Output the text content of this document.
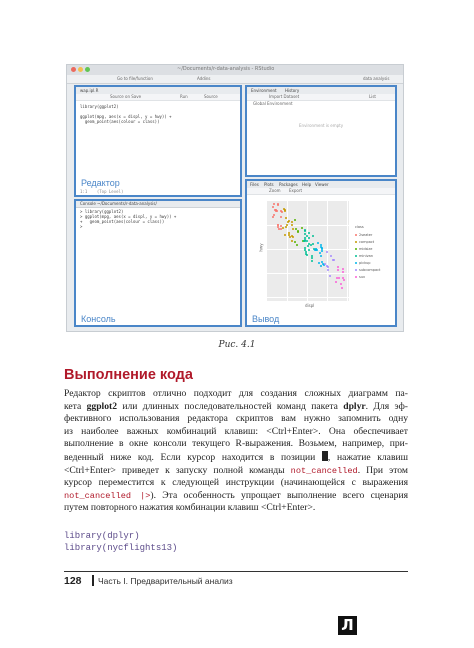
~/Documents/r-data-analysis - RStudio
Go to file/function	Addins	data analysis
wap.ipl.R
Source on Save	Run	Source
library(ggplot2)

ggplot(mpg, aes(x = displ, y = hwy)) +
geom_point(aes(colour = class))
Редактор
1:1    (Top Level)
Environment History
Import Dataset	List
Global Environment
Environment is empty
Console ~/Documents/r-data-analysis/
> library(ggplot2)
> ggplot(mpg, aes(x = displ, y = hwy)) +
+   geom_point(aes(colour = class))
>
Консоль
Files Plots Packages Help Viewer
Zoom Export
displ
hwy
class
2seater
compact
midsize
minivan
pickup
subcompact
suv
Вывод
Рис. 4.1
Выполнение кода
Редактор скриптов отлично подходит для создания сложных диаграмм па-
кета ggplot2 или длинных последовательностей команд пакета dplyr. Для эф-
фективного использования редактора скриптов вам нужно запомнить одну
из наиболее важных комбинаций клавиш: <Ctrl+Enter>. Она обеспечивает
выполнение в окне консоли текущего R-выражения. Возьмем, например, при-
веденный ниже код. Если курсор находится в позиции , нажатие клавиш
<Ctrl+Enter> приведет к запуску полной команды not_cancelled. При этом
курсор переместится к следующей инструкции (начинающейся с выражения
not_cancelled |>). Эта особенность упрощает выполнение всего сценария
путем повторного нажатия комбинации клавиш <Ctrl+Enter>.
library(dplyr)
library(nycflights13)
128 Часть I. Предварительный анализ
Л
